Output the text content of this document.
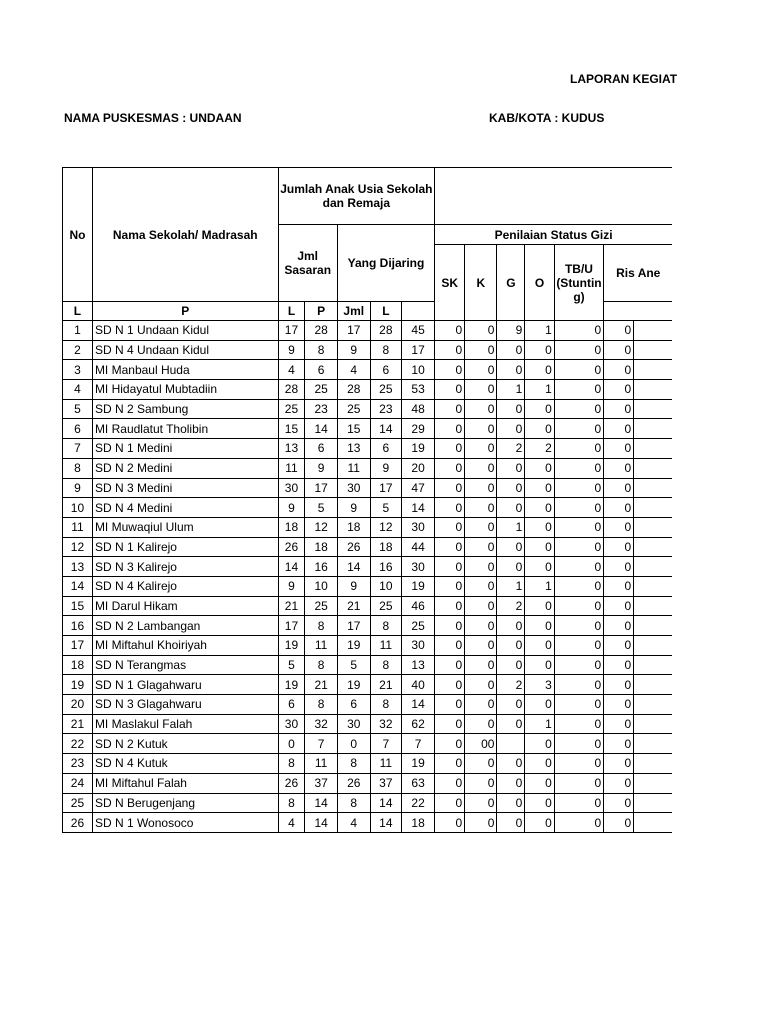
LAPORAN KEGIAT
NAMA PUSKESMAS : UNDAAN	KAB/KOTA : KUDUS
No	Nama Sekolah/ Madrasah	Jumlah Anak Usia Sekolah dan Remaja											
		Jml Sasaran		Yang Dijaring			Penilaian Status Gizi						
							SK	K	G	O	TB/U (Stuntin g)	Ris Ane	
L	P	L	P	Jml	L								
1	SD N 1 Undaan Kidul	17	28	17	28	45	0	0	9	1	0	0	
2	SD N 4 Undaan Kidul	9	8	9	8	17	0	0	0	0	0	0	
3	MI Manbaul Huda	4	6	4	6	10	0	0	0	0	0	0	
4	MI Hidayatul Mubtadiin	28	25	28	25	53	0	0	1	1	0	0	
5	SD N 2 Sambung	25	23	25	23	48	0	0	0	0	0	0	
6	MI Raudlatut Tholibin	15	14	15	14	29	0	0	0	0	0	0	
7	SD N 1 Medini	13	6	13	6	19	0	0	2	2	0	0	
8	SD N 2 Medini	11	9	11	9	20	0	0	0	0	0	0	
9	SD N 3 Medini	30	17	30	17	47	0	0	0	0	0	0	
10	SD N 4 Medini	9	5	9	5	14	0	0	0	0	0	0	
11	MI Muwaqiul Ulum	18	12	18	12	30	0	0	1	0	0	0	
12	SD N 1 Kalirejo	26	18	26	18	44	0	0	0	0	0	0	
13	SD N 3 Kalirejo	14	16	14	16	30	0	0	0	0	0	0	
14	SD N 4 Kalirejo	9	10	9	10	19	0	0	1	1	0	0	
15	MI Darul Hikam	21	25	21	25	46	0	0	2	0	0	0	
16	SD N 2 Lambangan	17	8	17	8	25	0	0	0	0	0	0	
17	MI Miftahul Khoiriyah	19	11	19	11	30	0	0	0	0	0	0	
18	SD N Terangmas	5	8	5	8	13	0	0	0	0	0	0	
19	SD N 1 Glagahwaru	19	21	19	21	40	0	0	2	3	0	0	
20	SD N 3 Glagahwaru	6	8	6	8	14	0	0	0	0	0	0	
21	MI Maslakul Falah	30	32	30	32	62	0	0	0	1	0	0	
22	SD N 2 Kutuk	0	7	0	7	7	0	00		0	0	0	
23	SD N 4 Kutuk	8	11	8	11	19	0	0	0	0	0	0	
24	MI Miftahul Falah	26	37	26	37	63	0	0	0	0	0	0	
25	SD N Berugenjang	8	14	8	14	22	0	0	0	0	0	0	
26	SD N 1 Wonosoco	4	14	4	14	18	0	0	0	0	0	0	
